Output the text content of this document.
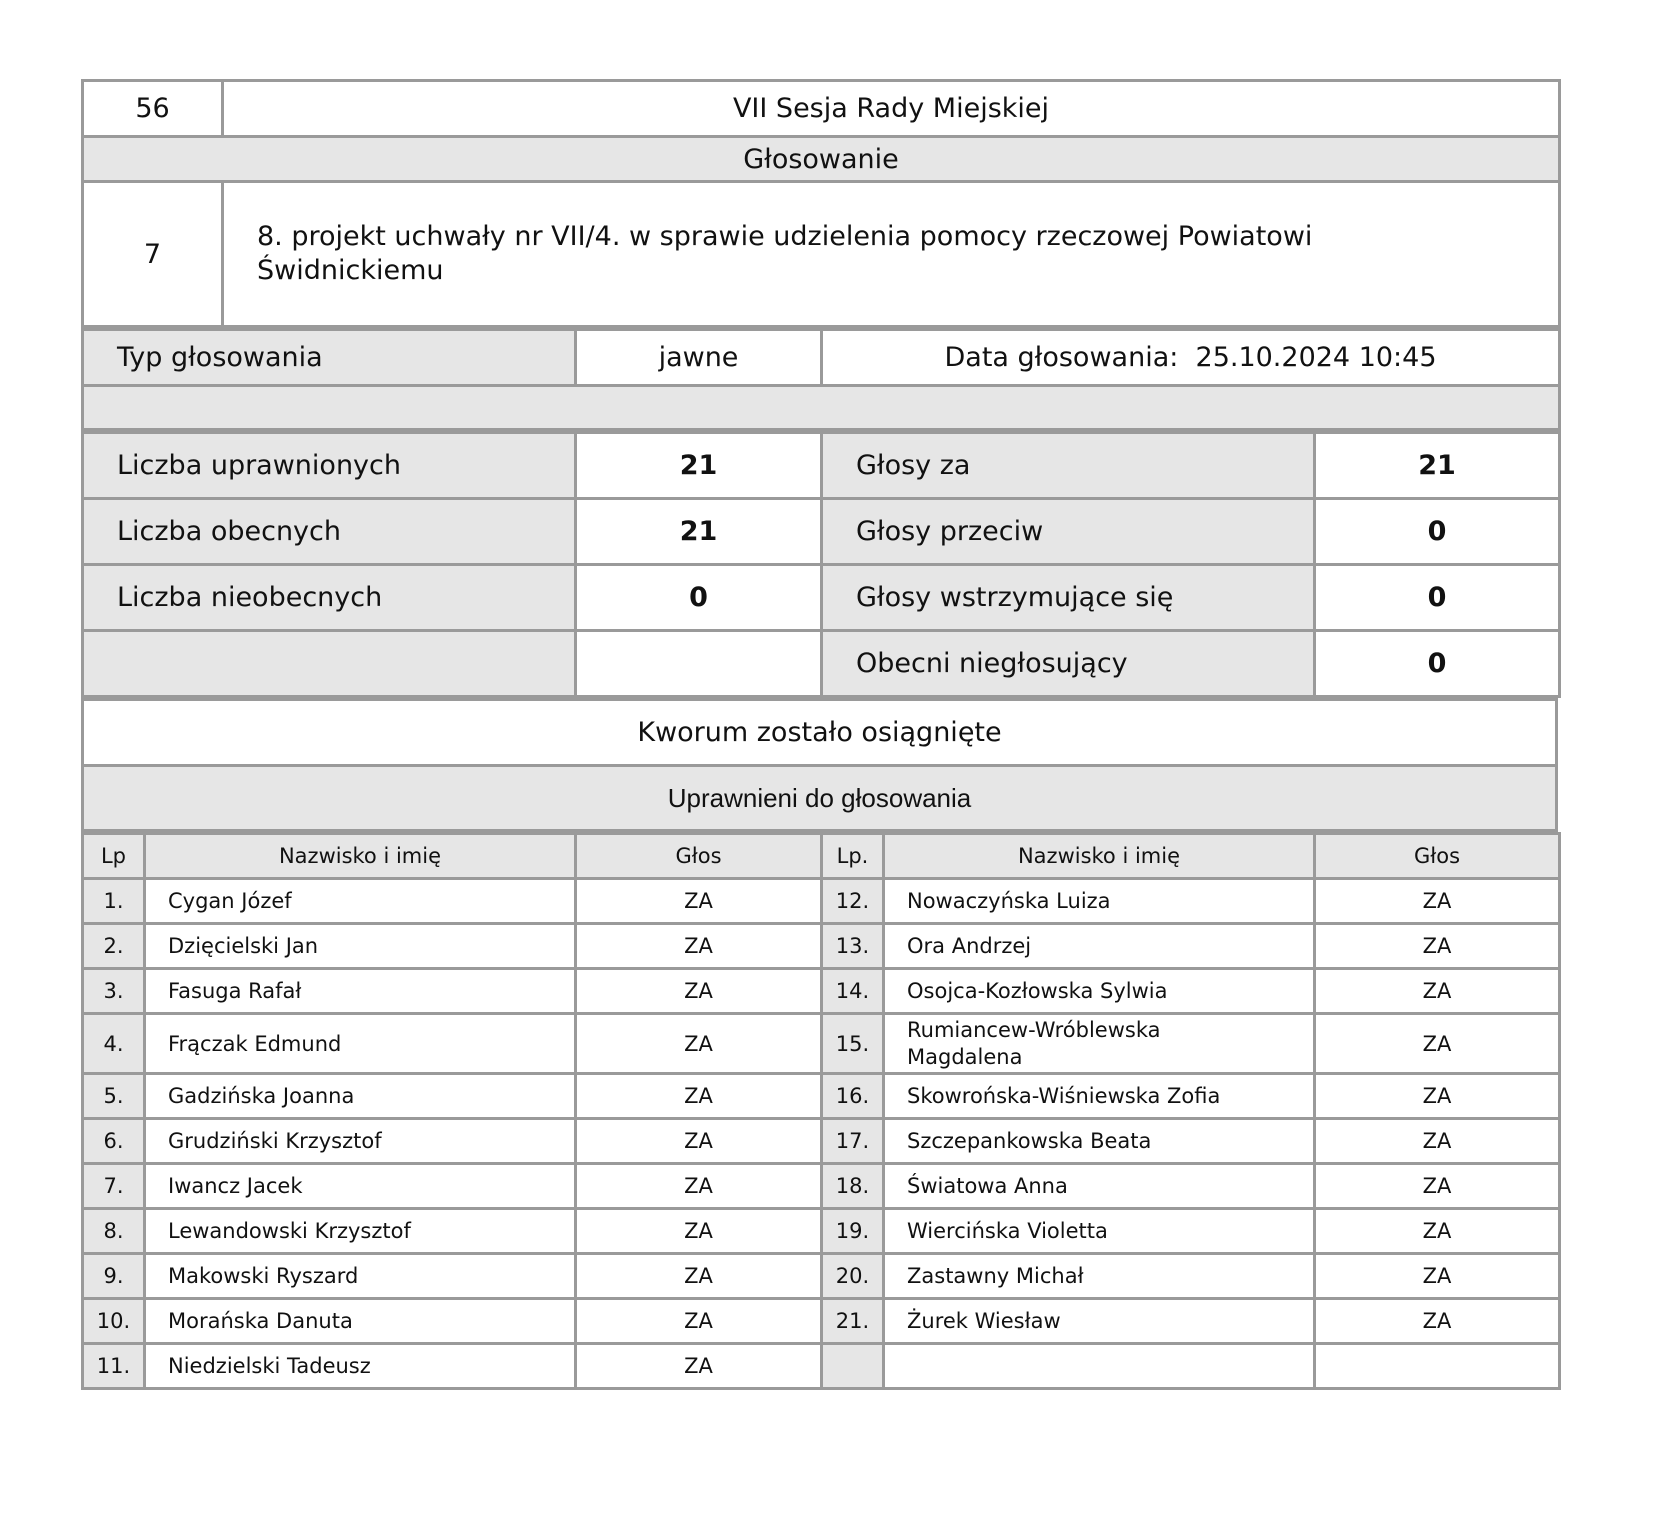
56	VII Sesja Rady Miejskiej
Głosowanie	
7	8. projekt uchwały nr VII/4. w sprawie udzielenia pomocy rzeczowej Powiatowi
Świdnickiemu
Typ głosowania	jawne	Data głosowania: 25.10.2024 10:45

Liczba uprawnionych	21	Głosy za	21
Liczba obecnych	21	Głosy przeciw	0
Liczba nieobecnych	0	Głosy wstrzymujące się	0
		Obecni niegłosujący	0
Kworum zostało osiągnięte
Uprawnieni do głosowania
Lp	Nazwisko i imię	Głos	Lp.	Nazwisko i imię	Głos
1.	Cygan Józef	ZA	12.	Nowaczyńska Luiza	ZA
2.	Dzięcielski Jan	ZA	13.	Ora Andrzej	ZA
3.	Fasuga Rafał	ZA	14.	Osojca-Kozłowska Sylwia	ZA
4.	Frączak Edmund	ZA	15.	Rumiancew-Wróblewska
Magdalena	ZA
5.	Gadzińska Joanna	ZA	16.	Skowrońska-Wiśniewska Zofia	ZA
6.	Grudziński Krzysztof	ZA	17.	Szczepankowska Beata	ZA
7.	Iwancz Jacek	ZA	18.	Światowa Anna	ZA
8.	Lewandowski Krzysztof	ZA	19.	Wiercińska Violetta	ZA
9.	Makowski Ryszard	ZA	20.	Zastawny Michał	ZA
10.	Morańska Danuta	ZA	21.	Żurek Wiesław	ZA
11.	Niedzielski Tadeusz	ZA			
